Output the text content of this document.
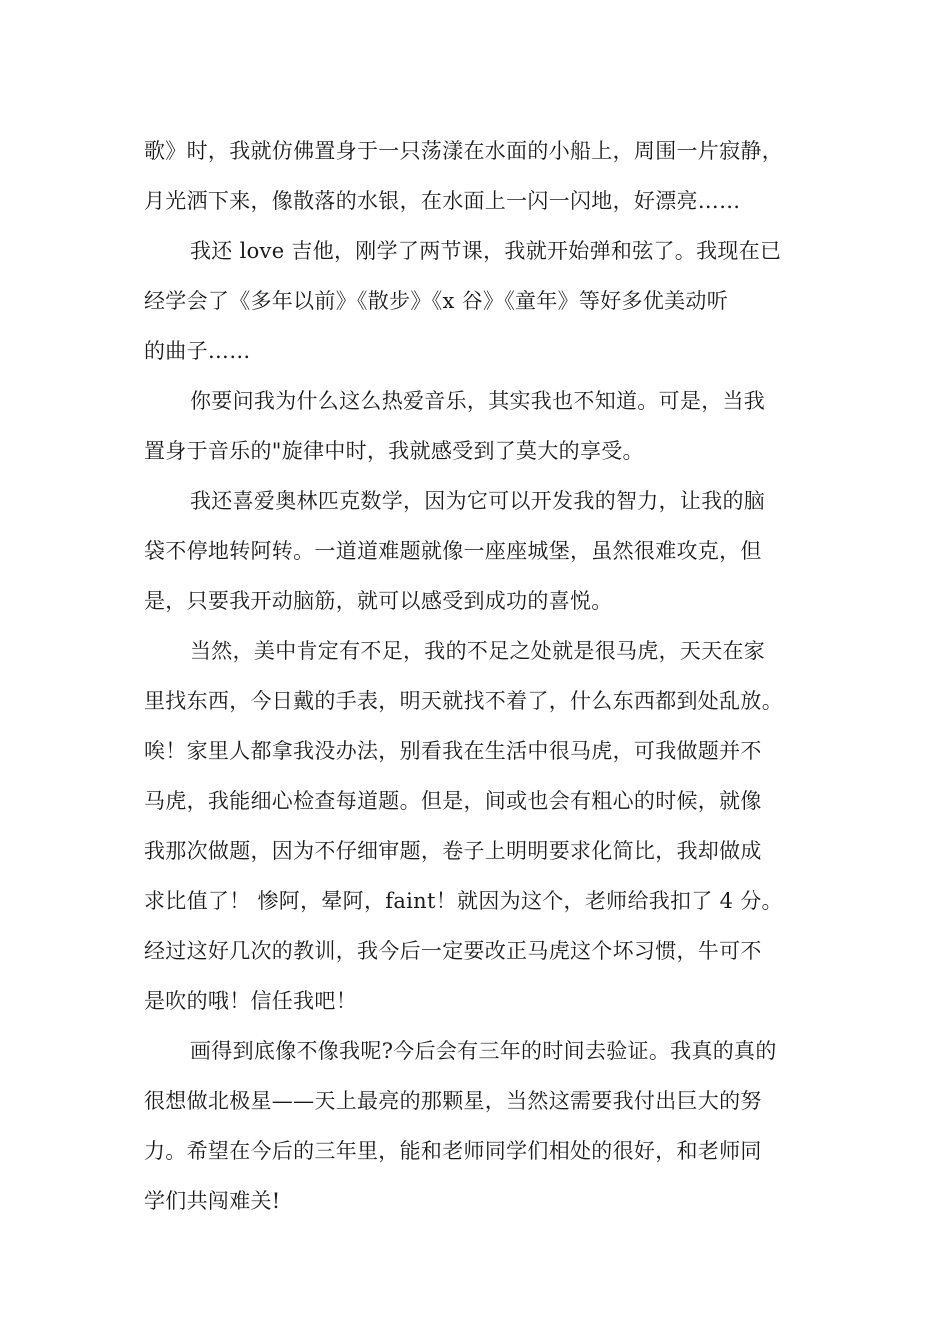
歌》时，我就仿佛置身于一只荡漾在水面的小船上，周围一片寂静，
月光洒下来，像散落的水银，在水面上一闪一闪地，好漂亮……
我还 love 吉他，刚学了两节课，我就开始弹和弦了。我现在已
经学会了《多年以前》《散步》《x 谷》《童年》等好多优美动听
的曲子……
你要问我为什么这么热爱音乐，其实我也不知道。可是，当我
置身于音乐的"旋律中时，我就感受到了莫大的享受。
我还喜爱奥林匹克数学，因为它可以开发我的智力，让我的脑
袋不停地转阿转。一道道难题就像一座座城堡，虽然很难攻克，但
是，只要我开动脑筋，就可以感受到成功的喜悦。
当然，美中肯定有不足，我的不足之处就是很马虎，天天在家
里找东西，今日戴的手表，明天就找不着了，什么东西都到处乱放。
唉！家里人都拿我没办法，别看我在生活中很马虎，可我做题并不
马虎，我能细心检查每道题。但是，间或也会有粗心的时候，就像
我那次做题，因为不仔细审题，卷子上明明要求化简比，我却做成
求比值了！ 惨阿，晕阿，faint！就因为这个，老师给我扣了 4 分。
经过这好几次的教训，我今后一定要改正马虎这个坏习惯，牛可不
是吹的哦！信任我吧！
画得到底像不像我呢?今后会有三年的时间去验证。我真的真的
很想做北极星——天上最亮的那颗星，当然这需要我付出巨大的努
力。希望在今后的三年里，能和老师同学们相处的很好，和老师同
学们共闯难关!
